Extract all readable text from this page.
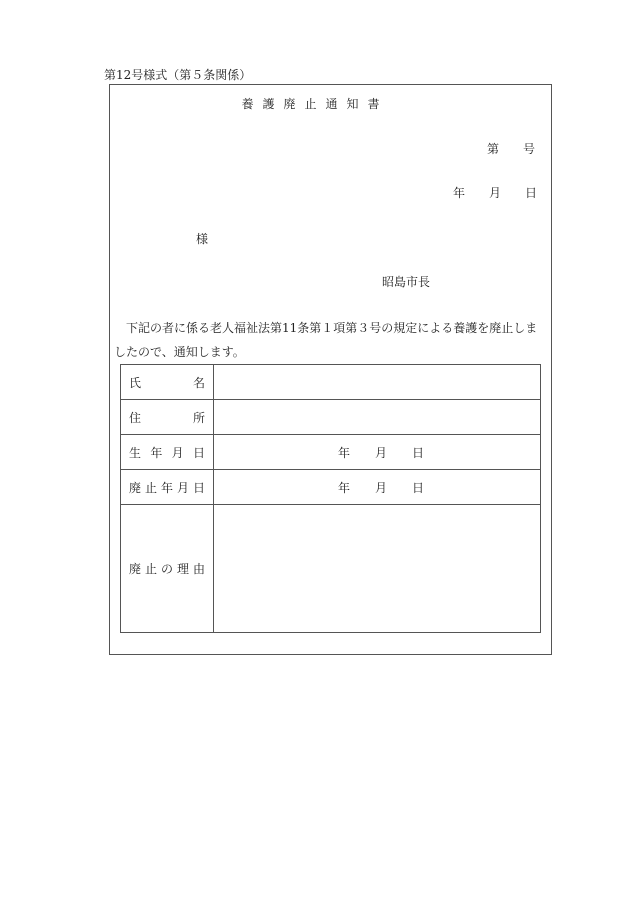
第12号様式（第５条関係）
養護廃止通知書
第 号
年 月 日
様
昭島市長

下記の者に係る老人福祉法第11条第１項第３号の規定による養護を廃止しましたので、通知します。

氏 名	

住 所	

生 年 月 日	年 月 日

廃 止 年 月 日	年 月 日

廃 止 の 理 由	
